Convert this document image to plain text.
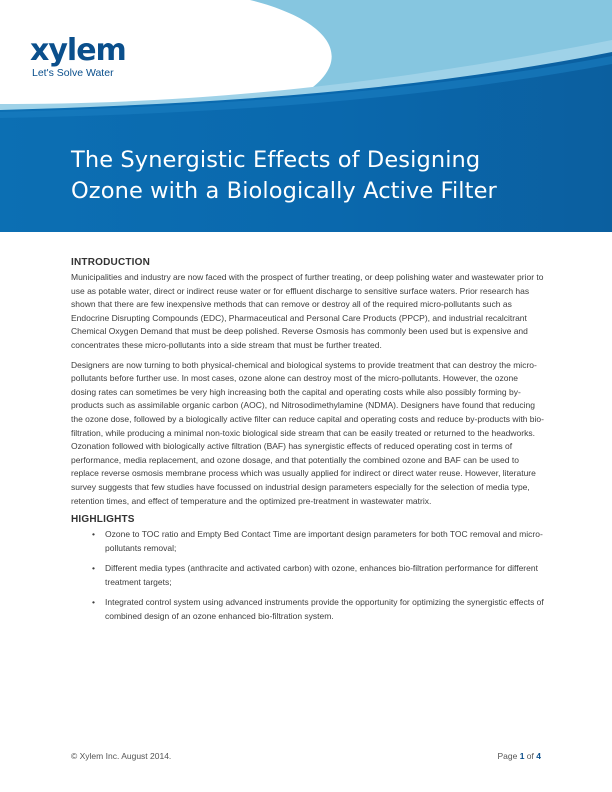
xylem
Let's Solve Water
The Synergistic Effects of Designing
Ozone with a Biologically Active Filter
INTRODUCTION

Municipalities and industry are now faced with the prospect of further treating, or deep polishing water and wastewater prior to use as potable water, direct or indirect reuse water or for effluent discharge to sensitive surface waters. Prior research has shown that there are few inexpensive methods that can remove or destroy all of the required micro-pollutants such as Endocrine Disrupting Compounds (EDC), Pharmaceutical and Personal Care Products (PPCP), and industrial recalcitrant Chemical Oxygen Demand that must be deep polished. Reverse Osmosis has commonly been used but is expensive and concentrates these micro-pollutants into a side stream that must be further treated.

Designers are now turning to both physical-chemical and biological systems to provide treatment that can destroy the micro-pollutants before further use. In most cases, ozone alone can destroy most of the micro-pollutants. However, the ozone dosing rates can sometimes be very high increasing both the capital and operating costs while also possibly forming by-products such as assimilable organic carbon (AOC), nd Nitrosodimethylamine (NDMA). Designers have found that reducing the ozone dose, followed by a biologically active filter can reduce capital and operating costs and reduce by-products with bio-filtration, while producing a minimal non-toxic biological side stream that can be easily treated or returned to the headworks. Ozonation followed with biologically active filtration (BAF) has synergistic effects of reduced operating cost in terms of performance, media replacement, and ozone dosage, and that potentially the combined ozone and BAF can be used to replace reverse osmosis membrane process which was usually applied for indirect or direct water reuse. However, literature survey suggests that few studies have focussed on industrial design parameters especially for the selection of media type, retention times, and effect of temperature and the optimized pre-treatment in wastewater matrix.

HIGHLIGHTS
• Ozone to TOC ratio and Empty Bed Contact Time are important design parameters for both TOC removal and micro-pollutants removal;
• Different media types (anthracite and activated carbon) with ozone, enhances bio-filtration performance for different treatment targets;
• Integrated control system using advanced instruments provide the opportunity for optimizing the synergistic effects of combined design of an ozone enhanced bio-filtration system.
© Xylem Inc. August 2014.	Page 1 of 4
